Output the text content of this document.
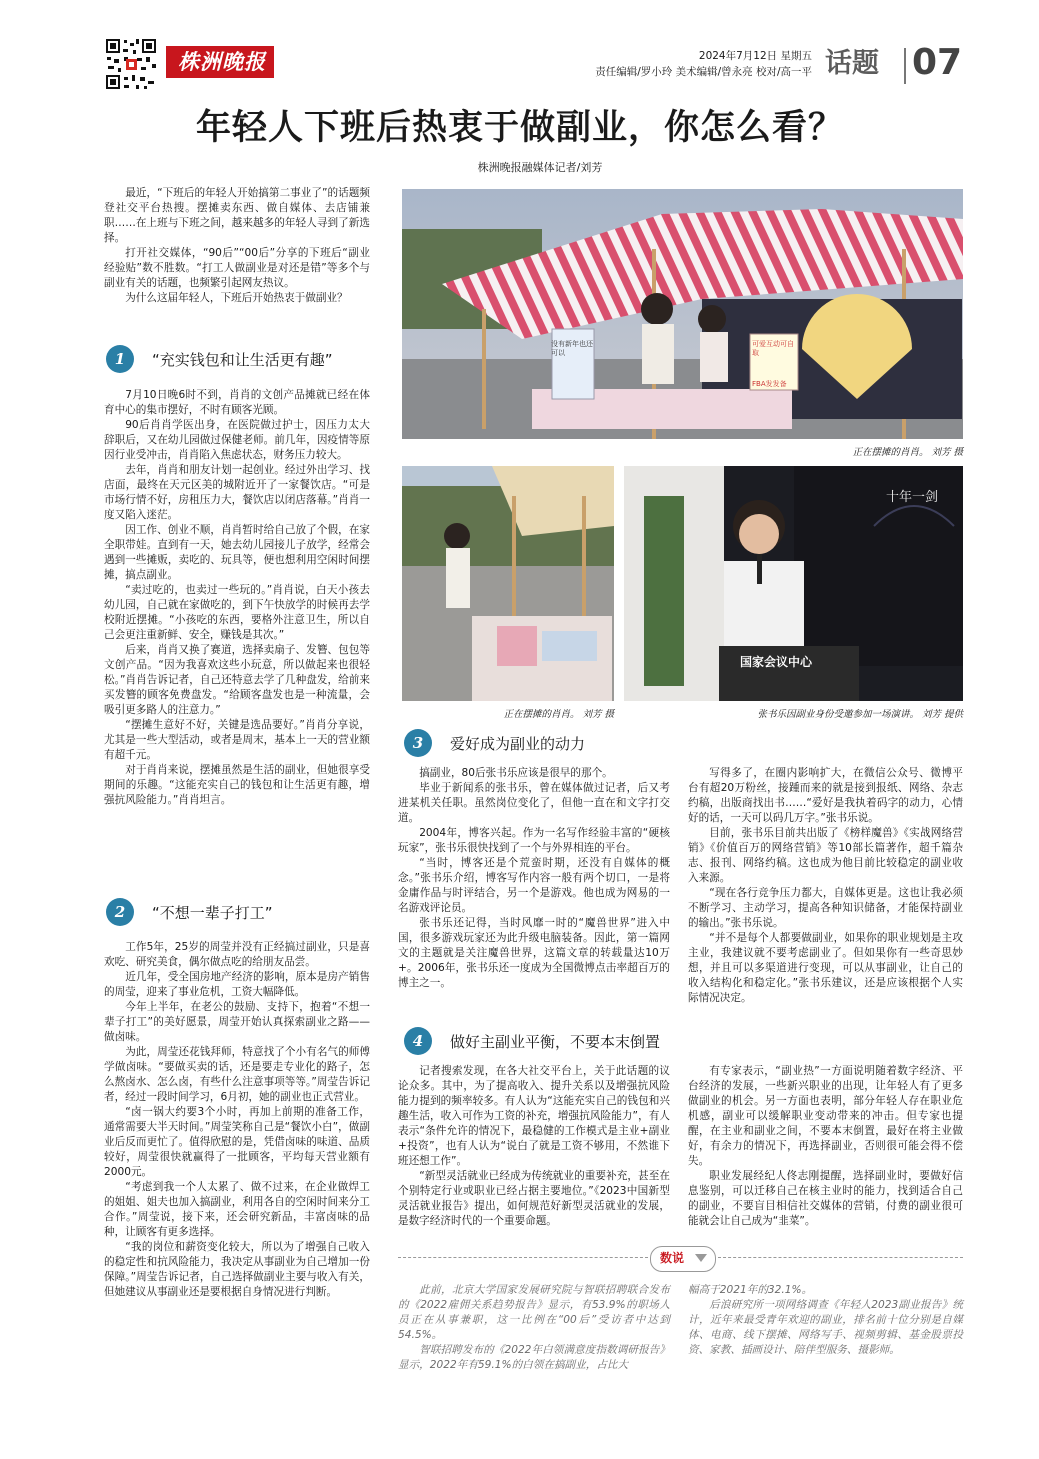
株洲晚报	2024年7月12日 星期五
责任编辑/罗小玲 美术编辑/曾永亮 校对/高一平 话题 07
年轻人下班后热衷于做副业，你怎么看？
株洲晚报融媒体记者/刘芳

最近，“下班后的年轻人开始搞第二事业了”的话题频登社交平台热搜。摆摊卖东西、做自媒体、去店铺兼职……在上班与下班之间，越来越多的年轻人寻到了新选择。

打开社交媒体，“90后”“00后”分享的下班后“副业经验贴”数不胜数。“打工人做副业是对还是错”等多个与副业有关的话题，也频繁引起网友热议。

为什么这届年轻人，下班后开始热衷于做副业？

1	“充实钱包和让生活更有趣”

7月10日晚6时不到，肖肖的文创产品摊就已经在体育中心的集市摆好，不时有顾客光顾。

90后肖肖学医出身，在医院做过护士，因压力太大辞职后，又在幼儿园做过保健老师。前几年，因疫情等原因行业受冲击，肖肖陷入焦虑状态，财务压力较大。

去年，肖肖和朋友计划一起创业。经过外出学习、找店面，最终在天元区美的城附近开了一家餐饮店。“可是市场行情不好，房租压力大，餐饮店以闭店落幕。”肖肖一度又陷入迷茫。

因工作、创业不顺，肖肖暂时给自己放了个假，在家全职带娃。直到有一天，她去幼儿园接儿子放学，经常会遇到一些摊贩，卖吃的、玩具等，便也想利用空闲时间摆摊，搞点副业。

“卖过吃的，也卖过一些玩的。”肖肖说，白天小孩去幼儿园，自己就在家做吃的，到下午快放学的时候再去学校附近摆摊。“小孩吃的东西，要格外注意卫生，所以自己会更注重新鲜、安全，赚钱是其次。”

后来，肖肖又换了赛道，选择卖扇子、发簪、包包等文创产品。“因为我喜欢这些小玩意，所以做起来也很轻松。”肖肖告诉记者，自己还特意去学了几种盘发，给前来买发簪的顾客免费盘发。“给顾客盘发也是一种流量，会吸引更多路人的注意力。”

“摆摊生意好不好，关键是选品要好。”肖肖分享说，尤其是一些大型活动，或者是周末，基本上一天的营业额有超千元。

对于肖肖来说，摆摊虽然是生活的副业，但她很享受期间的乐趣。“这能充实自己的钱包和让生活更有趣，增强抗风险能力。”肖肖坦言。

2	“不想一辈子打工”

工作5年，25岁的周莹并没有正经搞过副业，只是喜欢吃、研究美食，偶尔做点吃的给朋友品尝。

近几年，受全国房地产经济的影响，原本是房产销售的周莹，迎来了事业危机，工资大幅降低。

今年上半年，在老公的鼓励、支持下，抱着“不想一辈子打工”的美好愿景，周莹开始认真探索副业之路——做卤味。

为此，周莹还花钱拜师，特意找了个小有名气的师傅学做卤味。“要做买卖的话，还是要走专业化的路子，怎么熬卤水、怎么卤，有些什么注意事项等等。”周莹告诉记者，经过一段时间学习，6月初，她的副业也正式营业。

“卤一锅大约要3个小时，再加上前期的准备工作，通常需要大半天时间。”周莹笑称自己是“餐饮小白”，做副业后反而更忙了。值得欣慰的是，凭借卤味的味道、品质较好，周莹很快就赢得了一批顾客，平均每天营业额有2000元。

“考虑到我一个人太累了、做不过来，在企业做焊工的姐姐、姐夫也加入搞副业，利用各自的空闲时间来分工合作。”周莹说，接下来，还会研究新品，丰富卤味的品种，让顾客有更多选择。

“我的岗位和薪资变化较大，所以为了增强自己收入的稳定性和抗风险能力，我决定从事副业为自己增加一份保障。”周莹告诉记者，自己选择做副业主要与收入有关，但她建议从事副业还是要根据自身情况进行判断。

没有新年也还可以
可爱互动可自取
FBA发发备
正在摆摊的肖肖。 刘芳 摄
正在摆摊的肖肖。 刘芳 摄
十年一剑
国家会议中心
张书乐因副业身份受邀参加一场演讲。 刘芳 提供
3	爱好成为副业的动力

搞副业，80后张书乐应该是很早的那个。

毕业于新闻系的张书乐，曾在媒体做过记者，后又考进某机关任职。虽然岗位变化了，但他一直在和文字打交道。

2004年，博客兴起。作为一名写作经验丰富的“硬核玩家”，张书乐很快找到了一个与外界相连的平台。

“当时，博客还是个荒蛮时期，还没有自媒体的概念。”张书乐介绍，博客写作内容一般有两个切口，一是将金庸作品与时评结合，另一个是游戏。他也成为网易的一名游戏评论员。

张书乐还记得，当时风靡一时的“魔兽世界”进入中国，很多游戏玩家还为此升级电脑装备。因此，第一篇网文的主题就是关注魔兽世界，这篇文章的转载量达10万+。2006年，张书乐还一度成为全国微博点击率超百万的博主之一。

写得多了，在圈内影响扩大，在微信公众号、微博平台有超20万粉丝，接踵而来的就是接到报纸、网络、杂志约稿，出版商找出书……“爱好是我执着码字的动力，心情好的话，一天可以码几万字。”张书乐说。

目前，张书乐目前共出版了《榜样魔兽》《实战网络营销》《价值百万的网络营销》等10部长篇著作，超千篇杂志、报刊、网络约稿。这也成为他目前比较稳定的副业收入来源。

“现在各行竞争压力都大，自媒体更是。这也让我必须不断学习、主动学习，提高各种知识储备，才能保持副业的输出。”张书乐说。

“并不是每个人都要做副业，如果你的职业规划是主攻主业，我建议就不要考虑副业了。但如果你有一些奇思妙想，并且可以多渠道进行变现，可以从事副业，让自己的收入结构化和稳定化。”张书乐建议，还是应该根据个人实际情况决定。

4	做好主副业平衡，不要本末倒置

记者搜索发现，在各大社交平台上，关于此话题的议论众多。其中，为了提高收入、提升关系以及增强抗风险能力提到的频率较多。有人认为“这能充实自己的钱包和兴趣生活，收入可作为工资的补充，增强抗风险能力”，有人表示“条件允许的情况下，最稳健的工作模式是主业+副业+投资”，也有人认为“说白了就是工资不够用，不然谁下班还想工作”。

“新型灵活就业已经成为传统就业的重要补充，甚至在个别特定行业或职业已经占据主要地位。”《2023中国新型灵活就业报告》提出，如何规范好新型灵活就业的发展，是数字经济时代的一个重要命题。

有专家表示，“副业热”一方面说明随着数字经济、平台经济的发展，一些新兴职业的出现，让年轻人有了更多做副业的机会。另一方面也表明，部分年轻人存在职业危机感，副业可以缓解职业变动带来的冲击。但专家也提醒，在主业和副业之间，不要本末倒置，最好在将主业做好，有余力的情况下，再选择副业，否则很可能会得不偿失。

职业发展经纪人佟志刚提醒，选择副业时，要做好信息鉴别，可以迁移自己在核主业时的能力，找到适合自己的副业，不要盲目相信社交媒体的营销，付费的副业很可能就会让自己成为“韭菜”。

数说

此前，北京大学国家发展研究院与智联招聘联合发布的《2022雇佣关系趋势报告》显示，有53.9%的职场人员正在从事兼职，这一比例在“00后”受访者中达到54.5%。

智联招聘发布的《2022年白领满意度指数调研报告》显示，2022年有59.1%的白领在搞副业，占比大

幅高于2021年的32.1%。

后浪研究所一项网络调查《年轻人2023副业报告》统计，近年来最受青年欢迎的副业，排名前十位分别是自媒体、电商、线下摆摊、网络写手、视频剪辑、基金股票投资、家教、插画设计、陪伴型服务、摄影师。
